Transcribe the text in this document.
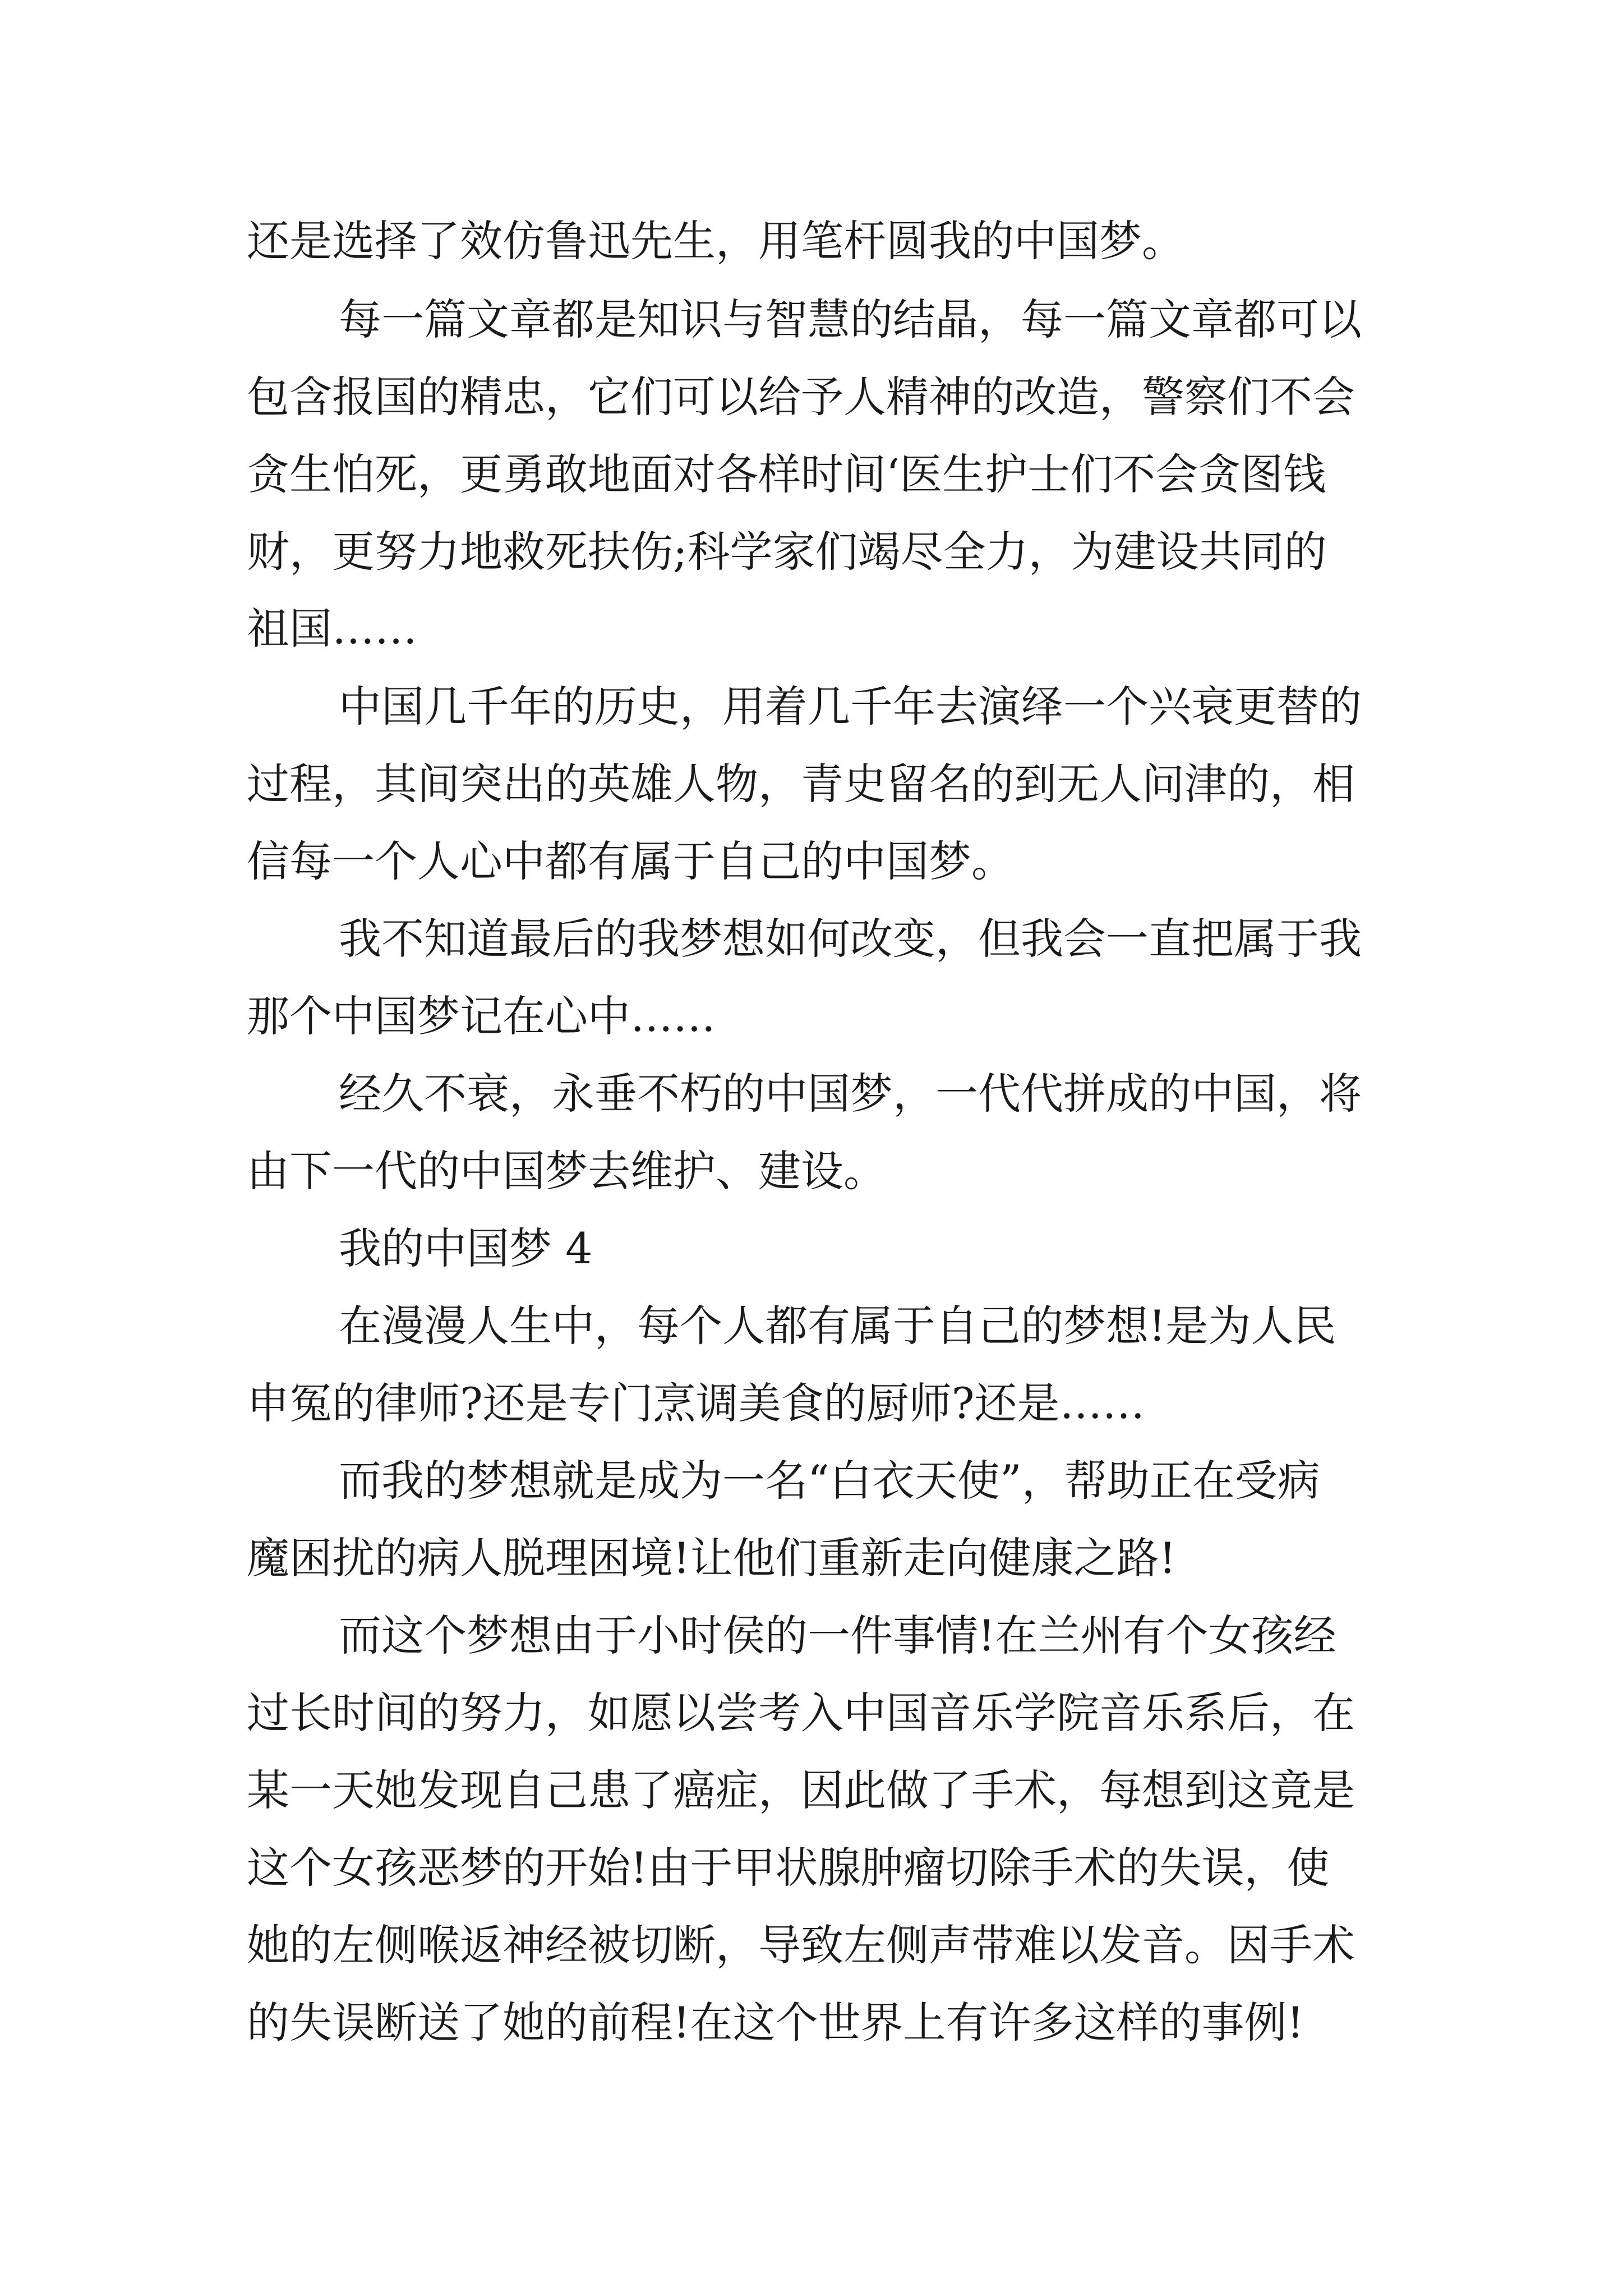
还是选择了效仿鲁迅先生，用笔杆圆我的中国梦。
每一篇文章都是知识与智慧的结晶，每一篇文章都可以
包含报国的精忠，它们可以给予人精神的改造，警察们不会
贪生怕死，更勇敢地面对各样时间‘医生护士们不会贪图钱
财，更努力地救死扶伤;科学家们竭尽全力，为建设共同的
祖国……
中国几千年的历史，用着几千年去演绎一个兴衰更替的
过程，其间突出的英雄人物，青史留名的到无人问津的，相
信每一个人心中都有属于自己的中国梦。
我不知道最后的我梦想如何改变，但我会一直把属于我
那个中国梦记在心中……
经久不衰，永垂不朽的中国梦，一代代拼成的中国，将
由下一代的中国梦去维护、建设。
我的中国梦 4
在漫漫人生中，每个人都有属于自己的梦想!是为人民
申冤的律师?还是专门烹调美食的厨师?还是……
而我的梦想就是成为一名“白衣天使”，帮助正在受病
魔困扰的病人脱理困境!让他们重新走向健康之路!
而这个梦想由于小时侯的一件事情!在兰州有个女孩经
过长时间的努力，如愿以尝考入中国音乐学院音乐系后，在
某一天她发现自己患了癌症，因此做了手术，每想到这竟是
这个女孩恶梦的开始!由于甲状腺肿瘤切除手术的失误，使
她的左侧喉返神经被切断，导致左侧声带难以发音。因手术
的失误断送了她的前程!在这个世界上有许多这样的事例!
